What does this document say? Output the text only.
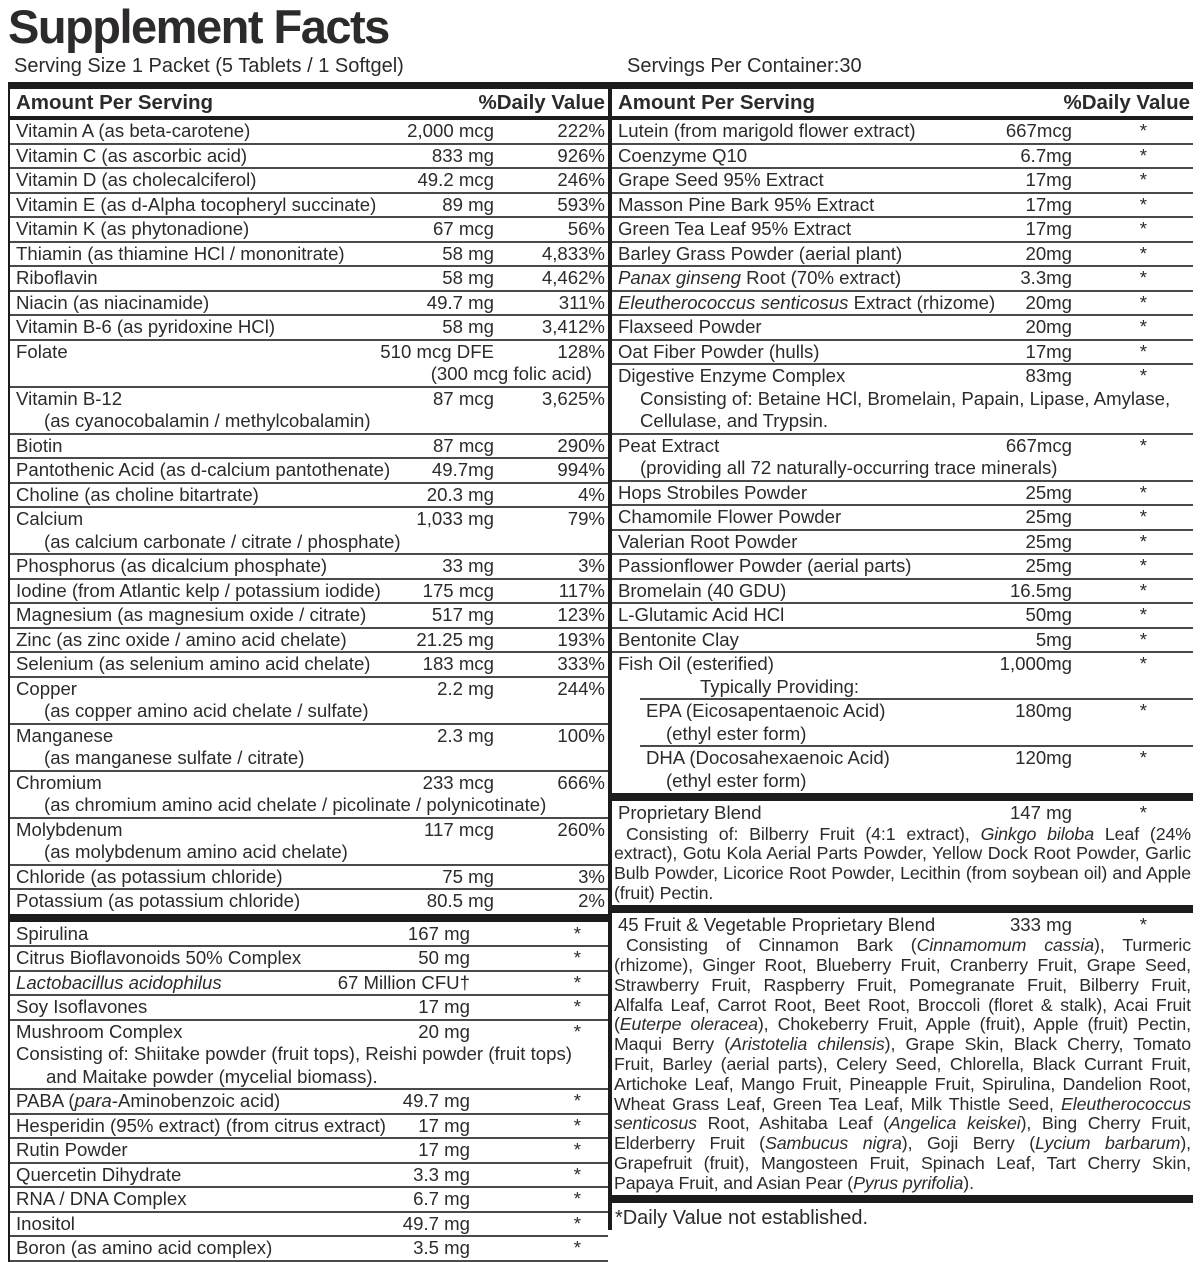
Supplement Facts
Serving Size 1 Packet (5 Tablets / 1 Softgel)	Servings Per Container:30
Amount Per Serving	%Daily Value
Vitamin A (as beta-carotene)	2,000 mcg	222%
Vitamin C (as ascorbic acid)	833 mg	926%
Vitamin D (as cholecalciferol)	49.2 mcg	246%
Vitamin E (as d-Alpha tocopheryl succinate)	89 mg	593%
Vitamin K (as phytonadione)	67 mcg	56%
Thiamin (as thiamine HCl / mononitrate)	58 mg	4,833%
Riboflavin	58 mg	4,462%
Niacin (as niacinamide)	49.7 mg	311%
Vitamin B-6 (as pyridoxine HCl)	58 mg	3,412%
Folate	510 mcg DFE	128%
(300 mcg folic acid)
Vitamin B-12	87 mcg	3,625%
(as cyanocobalamin / methylcobalamin)
Biotin	87 mcg	290%
Pantothenic Acid (as d-calcium pantothenate) 49.7mg	994%
Choline (as choline bitartrate)	20.3 mg	4%
Calcium	1,033 mg	79%
(as calcium carbonate / citrate / phosphate)
Phosphorus (as dicalcium phosphate)	33 mg	3%
Iodine (from Atlantic kelp / potassium iodide) 175 mcg	117%
Magnesium (as magnesium oxide / citrate)	517 mg	123%
Zinc (as zinc oxide / amino acid chelate)	21.25 mg	193%
Selenium (as selenium amino acid chelate)	183 mcg	333%
Copper	2.2 mg	244%
(as copper amino acid chelate / sulfate)
Manganese	2.3 mg	100%
(as manganese sulfate / citrate)
Chromium	233 mcg	666%
(as chromium amino acid chelate / picolinate / polynicotinate)
Molybdenum	117 mcg	260%
(as molybdenum amino acid chelate)
Chloride (as potassium chloride)	75 mg	3%
Potassium (as potassium chloride)	80.5 mg	2%
Spirulina	167 mg	*
Citrus Bioflavonoids 50% Complex	50 mg	*
Lactobacillus acidophilus	67 Million CFU†	*
Soy Isoflavones	17 mg	*
Mushroom Complex	20 mg	*
Consisting of: Shiitake powder (fruit tops), Reishi powder (fruit tops) and Maitake powder (mycelial biomass).
PABA (para-Aminobenzoic acid)	49.7 mg	*
Hesperidin (95% extract) (from citrus extract) 17 mg	*
Rutin Powder	17 mg	*
Quercetin Dihydrate	3.3 mg	*
RNA / DNA Complex	6.7 mg	*
Inositol	49.7 mg	*
Boron (as amino acid complex)	3.5 mg	*
Amount Per Serving	%Daily Value
Lutein (from marigold flower extract)	667mcg	*
Coenzyme Q10	6.7mg	*
Grape Seed 95% Extract	17mg	*
Masson Pine Bark 95% Extract	17mg	*
Green Tea Leaf 95% Extract	17mg	*
Barley Grass Powder (aerial plant)	20mg	*
Panax ginseng Root (70% extract)	3.3mg	*
Eleutherococcus senticosus Extract (rhizome) 20mg	*
Flaxseed Powder	20mg	*
Oat Fiber Powder (hulls)	17mg	*
Digestive Enzyme Complex	83mg	*
Consisting of: Betaine HCl, Bromelain, Papain, Lipase, Amylase, Cellulase, and Trypsin.
Peat Extract	667mcg	*
(providing all 72 naturally-occurring trace minerals)
Hops Strobiles Powder	25mg	*
Chamomile Flower Powder	25mg	*
Valerian Root Powder	25mg	*
Passionflower Powder (aerial parts)	25mg	*
Bromelain (40 GDU)	16.5mg	*
L-Glutamic Acid HCl	50mg	*
Bentonite Clay	5mg	*
Fish Oil (esterified)	1,000mg	*
Typically Providing:
EPA (Eicosapentaenoic Acid)	180mg	*
(ethyl ester form)
DHA (Docosahexaenoic Acid)	120mg	*
(ethyl ester form)
Proprietary Blend	147 mg	*
Consisting of: Bilberry Fruit (4:1 extract), Ginkgo biloba Leaf (24% extract), Gotu Kola Aerial Parts Powder, Yellow Dock Root Powder, Garlic Bulb Powder, Licorice Root Powder, Lecithin (from soybean oil) and Apple (fruit) Pectin.
45 Fruit & Vegetable Proprietary Blend	333 mg	*
Consisting of Cinnamon Bark (Cinnamomum cassia), Turmeric (rhizome), Ginger Root, Blueberry Fruit, Cranberry Fruit, Grape Seed, Strawberry Fruit, Raspberry Fruit, Pomegranate Fruit, Bilberry Fruit, Alfalfa Leaf, Carrot Root, Beet Root, Broccoli (floret & stalk), Acai Fruit (Euterpe oleracea), Chokeberry Fruit, Apple (fruit), Apple (fruit) Pectin, Maqui Berry (Aristotelia chilensis), Grape Skin, Black Cherry, Tomato Fruit, Barley (aerial parts), Celery Seed, Chlorella, Black Currant Fruit, Artichoke Leaf, Mango Fruit, Pineapple Fruit, Spirulina, Dandelion Root, Wheat Grass Leaf, Green Tea Leaf, Milk Thistle Seed, Eleutherococcus senticosus Root, Ashitaba Leaf (Angelica keiskei), Bing Cherry Fruit, Elderberry Fruit (Sambucus nigra), Goji Berry (Lycium barbarum), Grapefruit (fruit), Mangosteen Fruit, Spinach Leaf, Tart Cherry Skin, Papaya Fruit, and Asian Pear (Pyrus pyrifolia).
*Daily Value not established.
